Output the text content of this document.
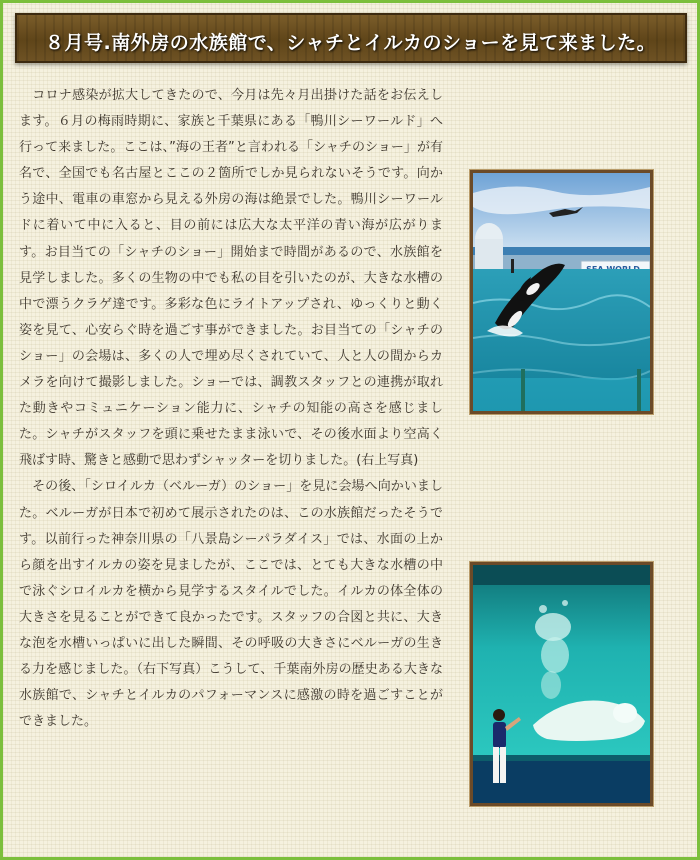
８月号.南外房の水族館で、シャチとイルカのショーを見て来ました。

　コロナ感染が拡大してきたので、今月は先々月出掛けた話をお伝えします。６月の梅雨時期に、家族と千葉県にある「鴨川シーワールド」へ行って来ました。ここは、”海の王者”と言われる「シャチのショー」が有名で、全国でも名古屋とここの２箇所でしか見られないそうです。向かう途中、電車の車窓から見える外房の海は絶景でした。鴨川シーワールドに着いて中に入ると、目の前には広大な太平洋の青い海が広がります。お目当ての「シャチのショー」開始まで時間があるので、水族館を見学しました。多くの生物の中でも私の目を引いたのが、大きな水槽の中で漂うクラゲ達です。多彩な色にライトアップされ、ゆっくりと動く姿を見て、心安らぐ時を過ごす事ができました。お目当ての「シャチのショー」の会場は、多くの人で埋め尽くされていて、人と人の間からカメラを向けて撮影しました。ショーでは、調教スタッフとの連携が取れた動きやコミュニケーション能力に、シャチの知能の高さを感じました。シャチがスタッフを頭に乗せたまま泳いで、その後水面より空高く飛ばす時、驚きと感動で思わずシャッターを切りました。(右上写真)

　その後、「シロイルカ（ベルーガ）のショー」を見に会場へ向かいました。ベルーガが日本で初めて展示されたのは、この水族館だったそうです。以前行った神奈川県の「八景島シーパラダイス」では、水面の上から顔を出すイルカの姿を見ましたが、ここでは、とても大きな水槽の中で泳ぐシロイルカを横から見学するスタイルでした。イルカの体全体の大きさを見ることができて良かったです。スタッフの合図と共に、大きな泡を水槽いっぱいに出した瞬間、その呼吸の大きさにベルーガの生きる力を感じました。（右下写真）こうして、千葉南外房の歴史ある大きな水族館で、シャチとイルカのパフォーマンスに感激の時を過ごすことができました。
